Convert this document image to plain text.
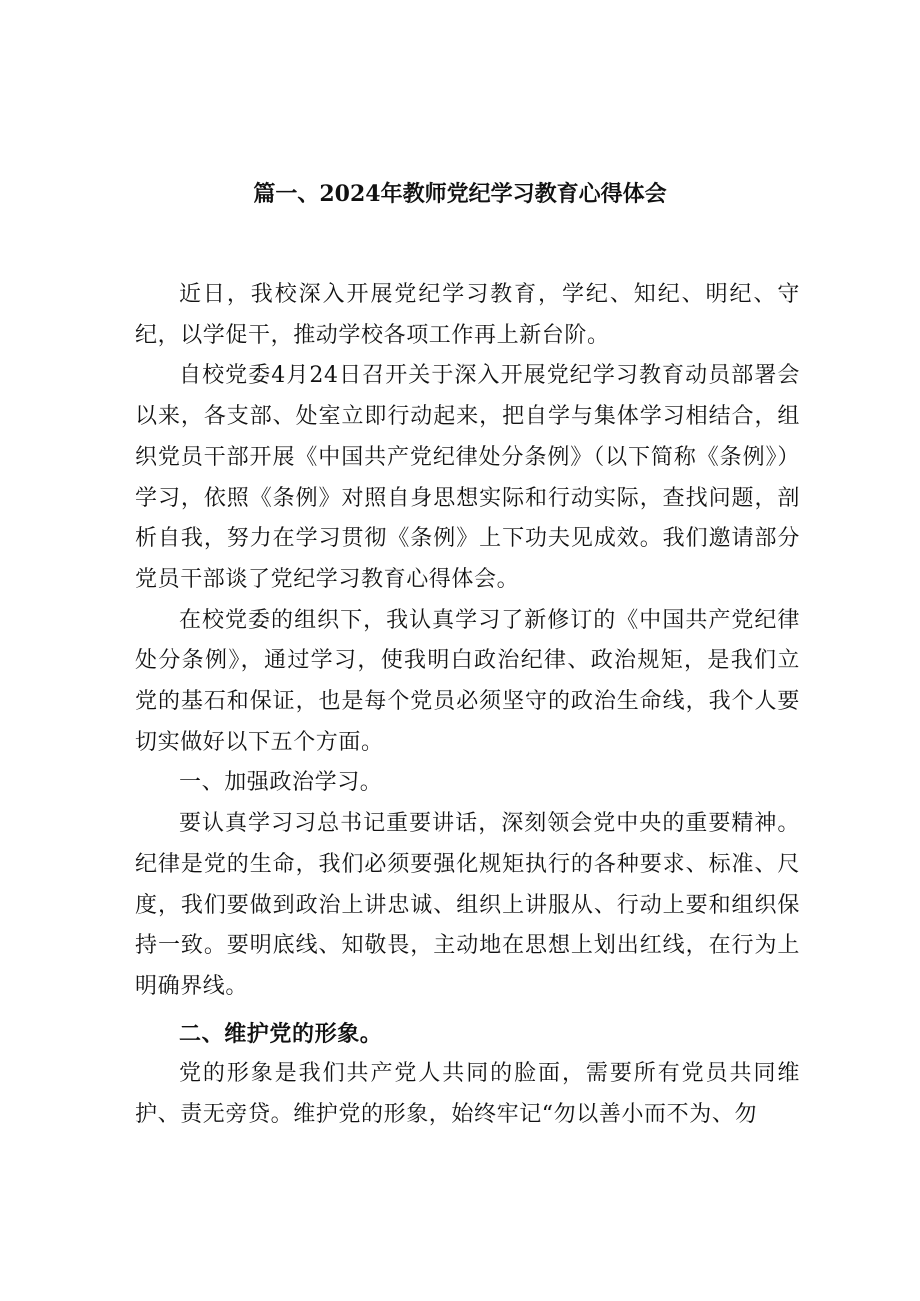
篇一、2024年教师党纪学习教育心得体会

近日，我校深入开展党纪学习教育，学纪、知纪、明纪、守纪，以学促干，推动学校各项工作再上新台阶。

自校党委4月24日召开关于深入开展党纪学习教育动员部署会以来，各支部、处室立即行动起来，把自学与集体学习相结合，组织党员干部开展《中国共产党纪律处分条例》（以下简称《条例》）学习，依照《条例》对照自身思想实际和行动实际，查找问题，剖析自我，努力在学习贯彻《条例》上下功夫见成效。我们邀请部分党员干部谈了党纪学习教育心得体会。

在校党委的组织下，我认真学习了新修订的《中国共产党纪律处分条例》，通过学习，使我明白政治纪律、政治规矩，是我们立党的基石和保证，也是每个党员必须坚守的政治生命线，我个人要切实做好以下五个方面。

一、加强政治学习。

要认真学习习总书记重要讲话，深刻领会党中央的重要精神。纪律是党的生命，我们必须要强化规矩执行的各种要求、标准、尺度，我们要做到政治上讲忠诚、组织上讲服从、行动上要和组织保持一致。要明底线、知敬畏，主动地在思想上划出红线，在行为上明确界线。

二、维护党的形象。

党的形象是我们共产党人共同的脸面，需要所有党员共同维护、责无旁贷。维护党的形象，始终牢记“勿以善小而不为、勿
